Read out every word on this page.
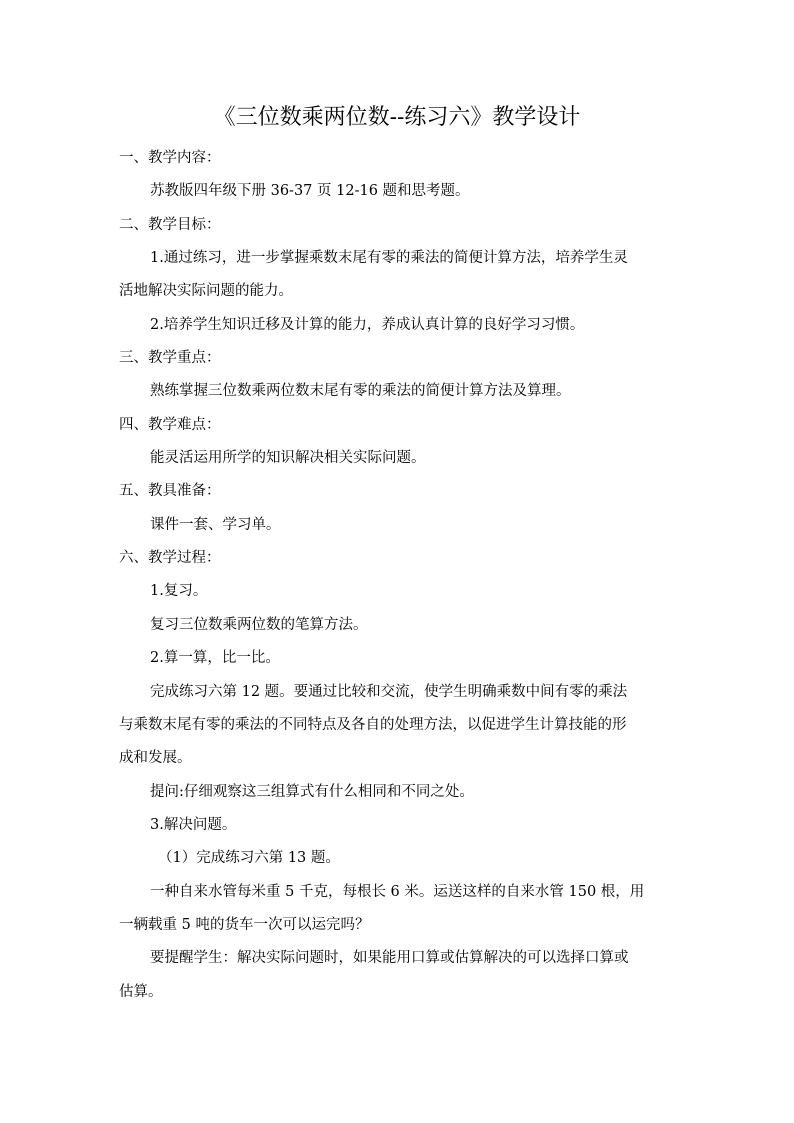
《三位数乘两位数--练习六》教学设计
一、教学内容：
苏教版四年级下册 36-37 页 12-16 题和思考题。
二、教学目标：
1.通过练习，进一步掌握乘数末尾有零的乘法的简便计算方法，培养学生灵
活地解决实际问题的能力。
2.培养学生知识迁移及计算的能力，养成认真计算的良好学习习惯。
三、教学重点：
熟练掌握三位数乘两位数末尾有零的乘法的简便计算方法及算理。
四、教学难点：
能灵活运用所学的知识解决相关实际问题。
五、教具准备：
课件一套、学习单。
六、教学过程：
1.复习。
复习三位数乘两位数的笔算方法。
2.算一算，比一比。
完成练习六第 12 题。要通过比较和交流，使学生明确乘数中间有零的乘法
与乘数末尾有零的乘法的不同特点及各自的处理方法，以促进学生计算技能的形
成和发展。
提问:仔细观察这三组算式有什么相同和不同之处。
3.解决问题。
（1）完成练习六第 13 题。
一种自来水管每米重 5 千克，每根长 6 米。运送这样的自来水管 150 根，用
一辆载重 5 吨的货车一次可以运完吗？
要提醒学生：解决实际问题时，如果能用口算或估算解决的可以选择口算或
估算。
